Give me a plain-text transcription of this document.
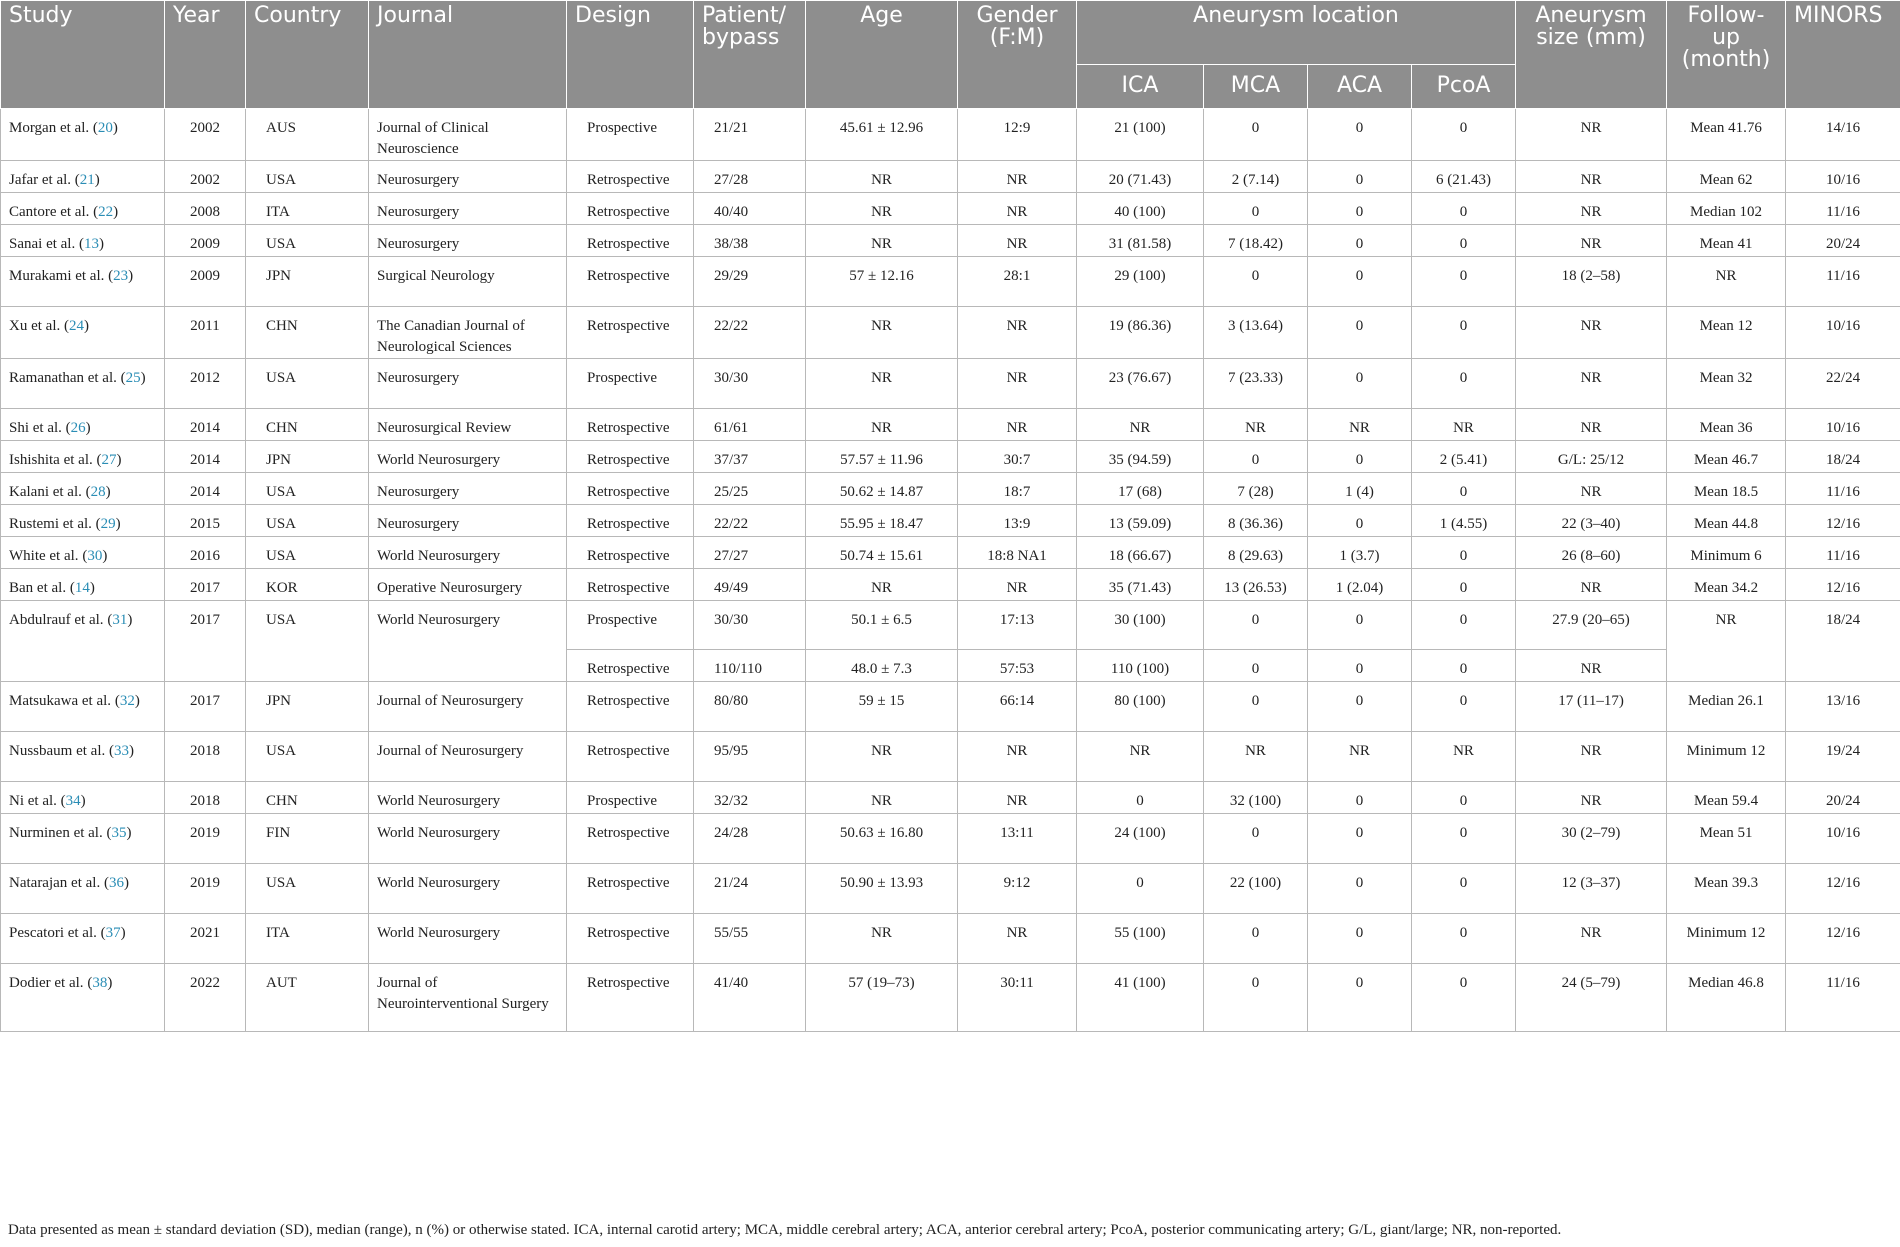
Study	Year	Country	Journal	Design	Patient/ bypass	Age	Gender (F:M)	Aneurysm location				Aneurysm size (mm)	Follow- up (month)	MINORS
								ICA	MCA	ACA	PcoA			
Morgan et al. (20)	2002	AUS	Journal of Clinical Neuroscience	Prospective	21/21	45.61 ± 12.96	12:9	21 (100)	0	0	0	NR	Mean 41.76	14/16
Jafar et al. (21)	2002	USA	Neurosurgery	Retrospective	27/28	NR	NR	20 (71.43)	2 (7.14)	0	6 (21.43)	NR	Mean 62	10/16
Cantore et al. (22)	2008	ITA	Neurosurgery	Retrospective	40/40	NR	NR	40 (100)	0	0	0	NR	Median 102	11/16
Sanai et al. (13)	2009	USA	Neurosurgery	Retrospective	38/38	NR	NR	31 (81.58)	7 (18.42)	0	0	NR	Mean 41	20/24
Murakami et al. (23)	2009	JPN	Surgical Neurology	Retrospective	29/29	57 ± 12.16	28:1	29 (100)	0	0	0	18 (2–58)	NR	11/16
Xu et al. (24)	2011	CHN	The Canadian Journal of Neurological Sciences	Retrospective	22/22	NR	NR	19 (86.36)	3 (13.64)	0	0	NR	Mean 12	10/16
Ramanathan et al. (25)	2012	USA	Neurosurgery	Prospective	30/30	NR	NR	23 (76.67)	7 (23.33)	0	0	NR	Mean 32	22/24
Shi et al. (26)	2014	CHN	Neurosurgical Review	Retrospective	61/61	NR	NR	NR	NR	NR	NR	NR	Mean 36	10/16
Ishishita et al. (27)	2014	JPN	World Neurosurgery	Retrospective	37/37	57.57 ± 11.96	30:7	35 (94.59)	0	0	2 (5.41)	G/L: 25/12	Mean 46.7	18/24
Kalani et al. (28)	2014	USA	Neurosurgery	Retrospective	25/25	50.62 ± 14.87	18:7	17 (68)	7 (28)	1 (4)	0	NR	Mean 18.5	11/16
Rustemi et al. (29)	2015	USA	Neurosurgery	Retrospective	22/22	55.95 ± 18.47	13:9	13 (59.09)	8 (36.36)	0	1 (4.55)	22 (3–40)	Mean 44.8	12/16
White et al. (30)	2016	USA	World Neurosurgery	Retrospective	27/27	50.74 ± 15.61	18:8 NA1	18 (66.67)	8 (29.63)	1 (3.7)	0	26 (8–60)	Minimum 6	11/16
Ban et al. (14)	2017	KOR	Operative Neurosurgery	Retrospective	49/49	NR	NR	35 (71.43)	13 (26.53)	1 (2.04)	0	NR	Mean 34.2	12/16
Abdulrauf et al. (31)	2017	USA	World Neurosurgery	Prospective	30/30	50.1 ± 6.5	17:13	30 (100)	0	0	0	27.9 (20–65)	NR	18/24
				Retrospective	110/110	48.0 ± 7.3	57:53	110 (100)	0	0	0	NR		
Matsukawa et al. (32)	2017	JPN	Journal of Neurosurgery	Retrospective	80/80	59 ± 15	66:14	80 (100)	0	0	0	17 (11–17)	Median 26.1	13/16
Nussbaum et al. (33)	2018	USA	Journal of Neurosurgery	Retrospective	95/95	NR	NR	NR	NR	NR	NR	NR	Minimum 12	19/24
Ni et al. (34)	2018	CHN	World Neurosurgery	Prospective	32/32	NR	NR	0	32 (100)	0	0	NR	Mean 59.4	20/24
Nurminen et al. (35)	2019	FIN	World Neurosurgery	Retrospective	24/28	50.63 ± 16.80	13:11	24 (100)	0	0	0	30 (2–79)	Mean 51	10/16
Natarajan et al. (36)	2019	USA	World Neurosurgery	Retrospective	21/24	50.90 ± 13.93	9:12	0	22 (100)	0	0	12 (3–37)	Mean 39.3	12/16
Pescatori et al. (37)	2021	ITA	World Neurosurgery	Retrospective	55/55	NR	NR	55 (100)	0	0	0	NR	Minimum 12	12/16
Dodier et al. (38)	2022	AUT	Journal of Neurointerventional Surgery	Retrospective	41/40	57 (19–73)	30:11	41 (100)	0	0	0	24 (5–79)	Median 46.8	11/16
Data presented as mean ± standard deviation (SD), median (range), n (%) or otherwise stated. ICA, internal carotid artery; MCA, middle cerebral artery; ACA, anterior cerebral artery; PcoA, posterior communicating artery; G/L, giant/large; NR, non-reported.
